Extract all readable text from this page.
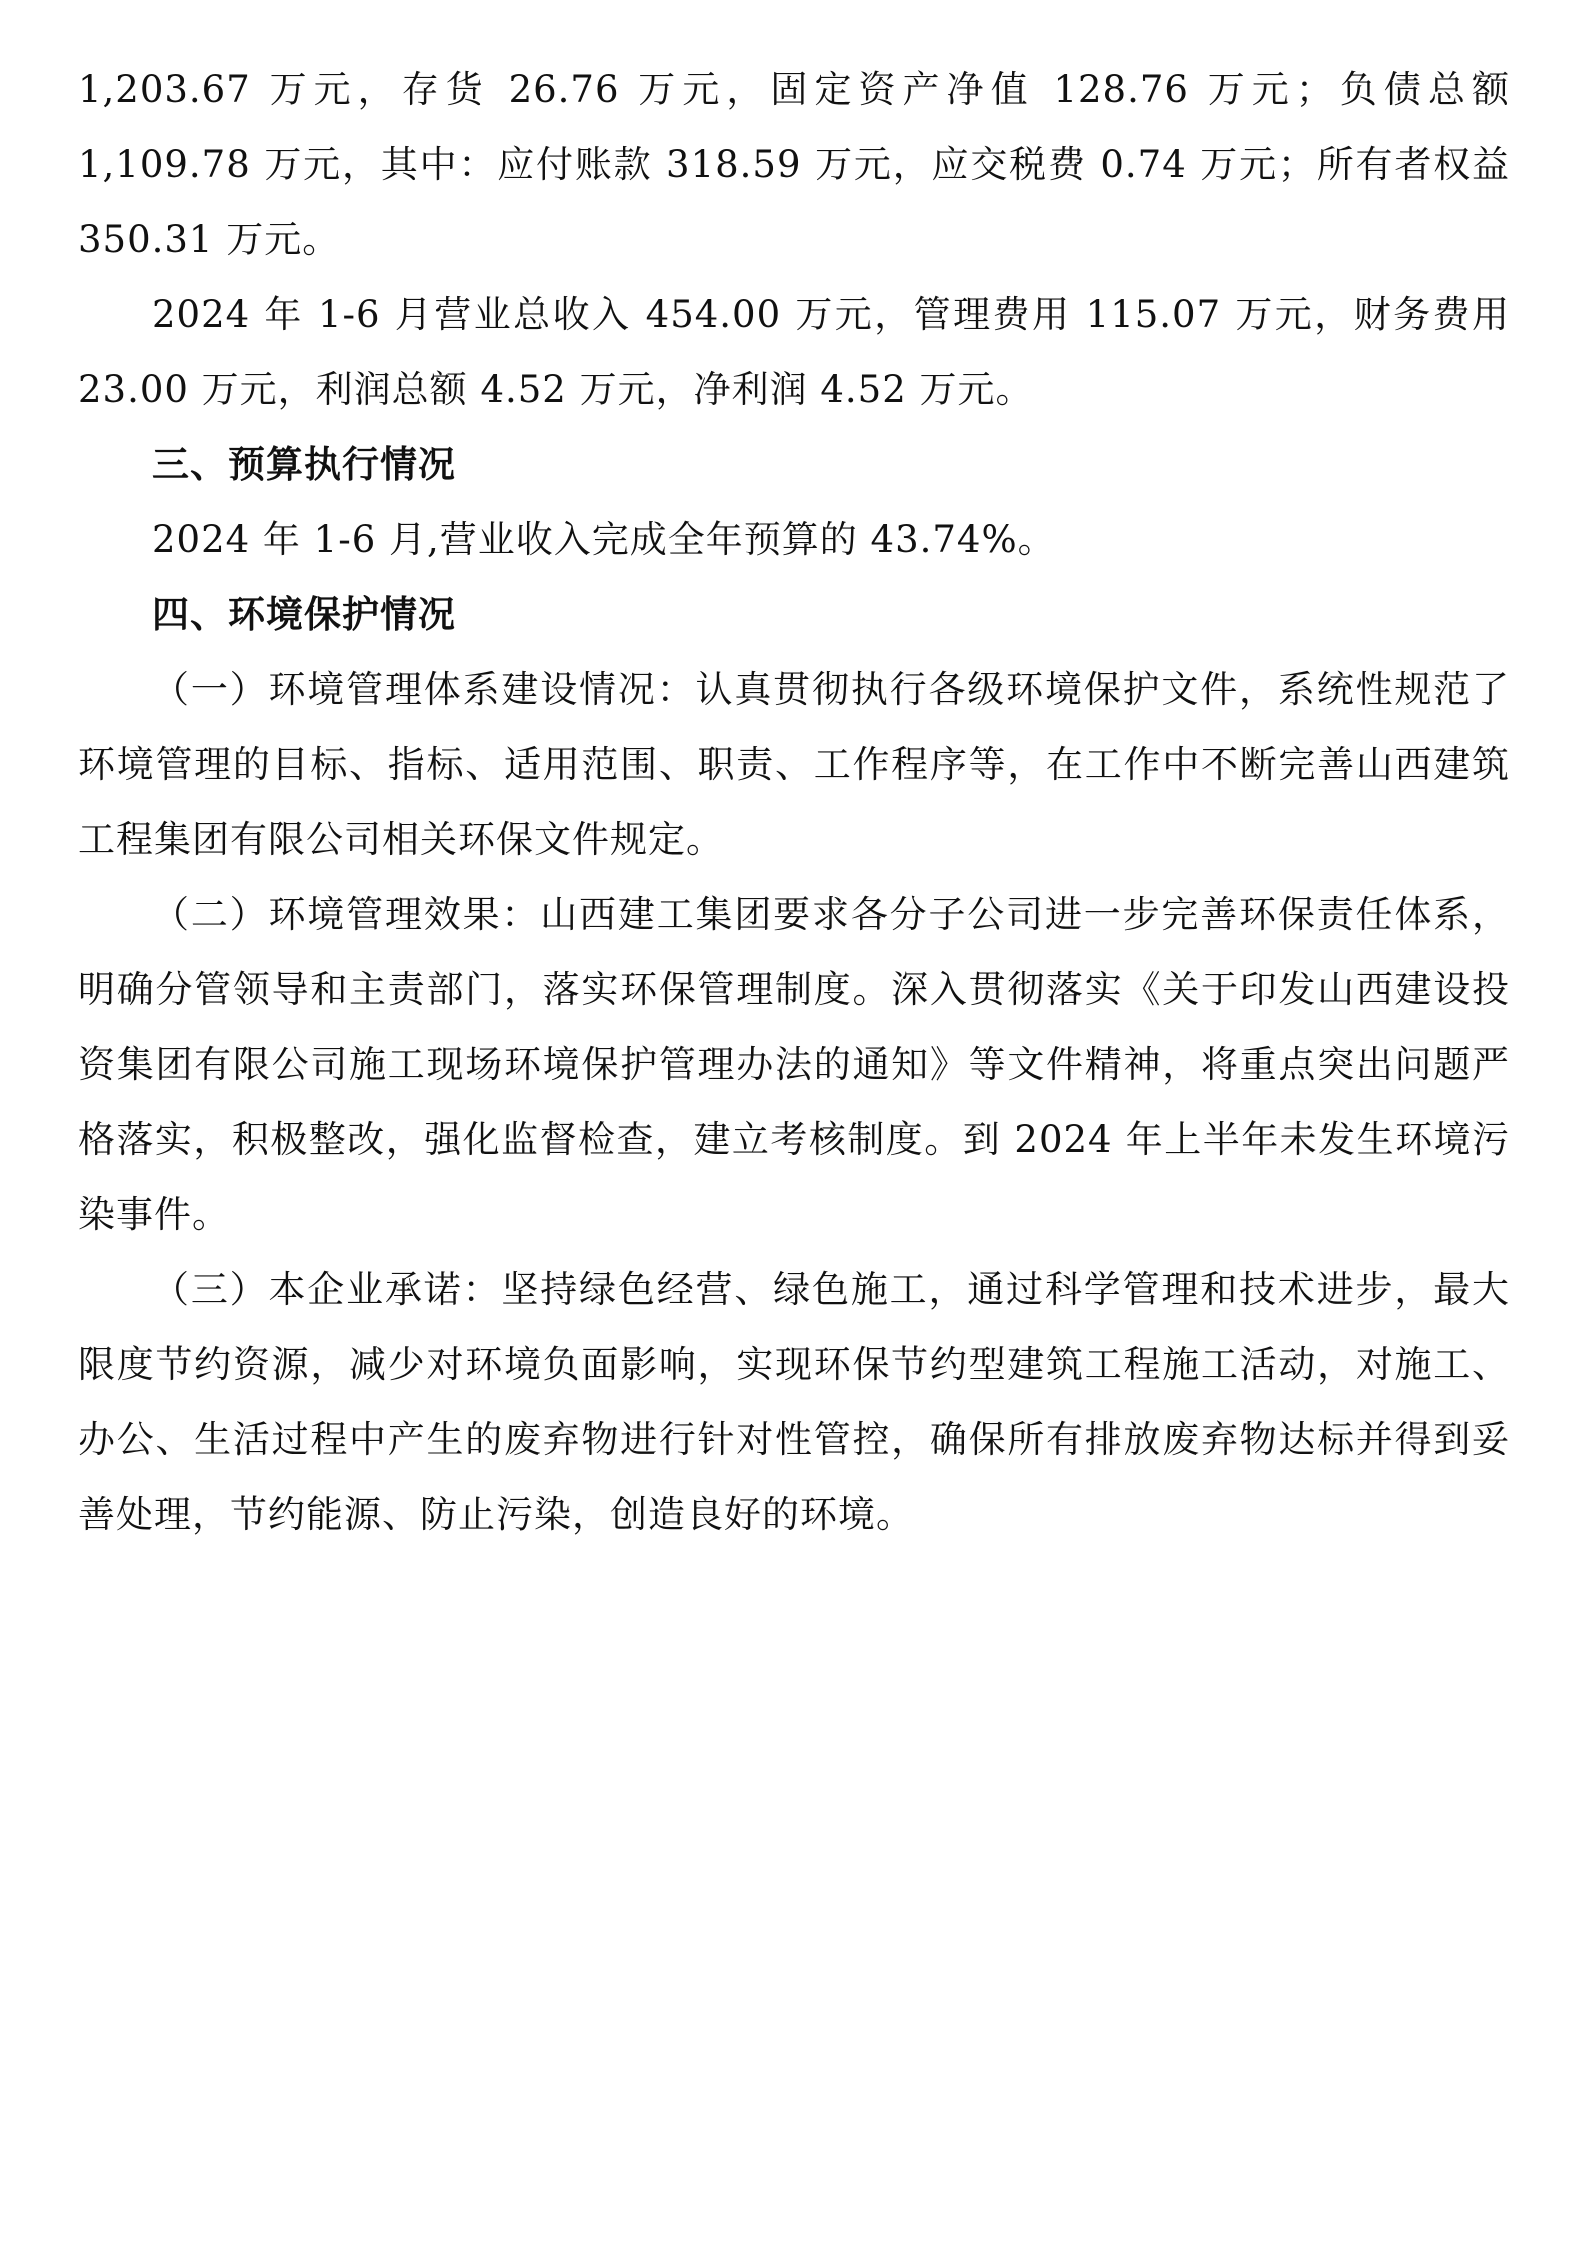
1,203.67 万元，存货 26.76 万元，固定资产净值 128.76 万元；负债总额 1,109.78 万元，其中：应付账款 318.59 万元，应交税费 0.74 万元；所有者权益 350.31 万元。

2024 年 1-6 月营业总收入 454.00 万元，管理费用 115.07 万元，财务费用 23.00 万元，利润总额 4.52 万元，净利润 4.52 万元。

三、预算执行情况

2024 年 1-6 月,营业收入完成全年预算的 43.74%。

四、环境保护情况

（一）环境管理体系建设情况：认真贯彻执行各级环境保护文件，系统性规范了环境管理的目标、指标、适用范围、职责、工作程序等，在工作中不断完善山西建筑工程集团有限公司相关环保文件规定。

（二）环境管理效果：山西建工集团要求各分子公司进一步完善环保责任体系，明确分管领导和主责部门，落实环保管理制度。深入贯彻落实《关于印发山西建设投资集团有限公司施工现场环境保护管理办法的通知》等文件精神，将重点突出问题严格落实，积极整改，强化监督检查，建立考核制度。到 2024 年上半年未发生环境污染事件。

（三）本企业承诺：坚持绿色经营、绿色施工，通过科学管理和技术进步，最大限度节约资源，减少对环境负面影响，实现环保节约型建筑工程施工活动，对施工、办公、生活过程中产生的废弃物进行针对性管控，确保所有排放废弃物达标并得到妥善处理，节约能源、防止污染，创造良好的环境。
